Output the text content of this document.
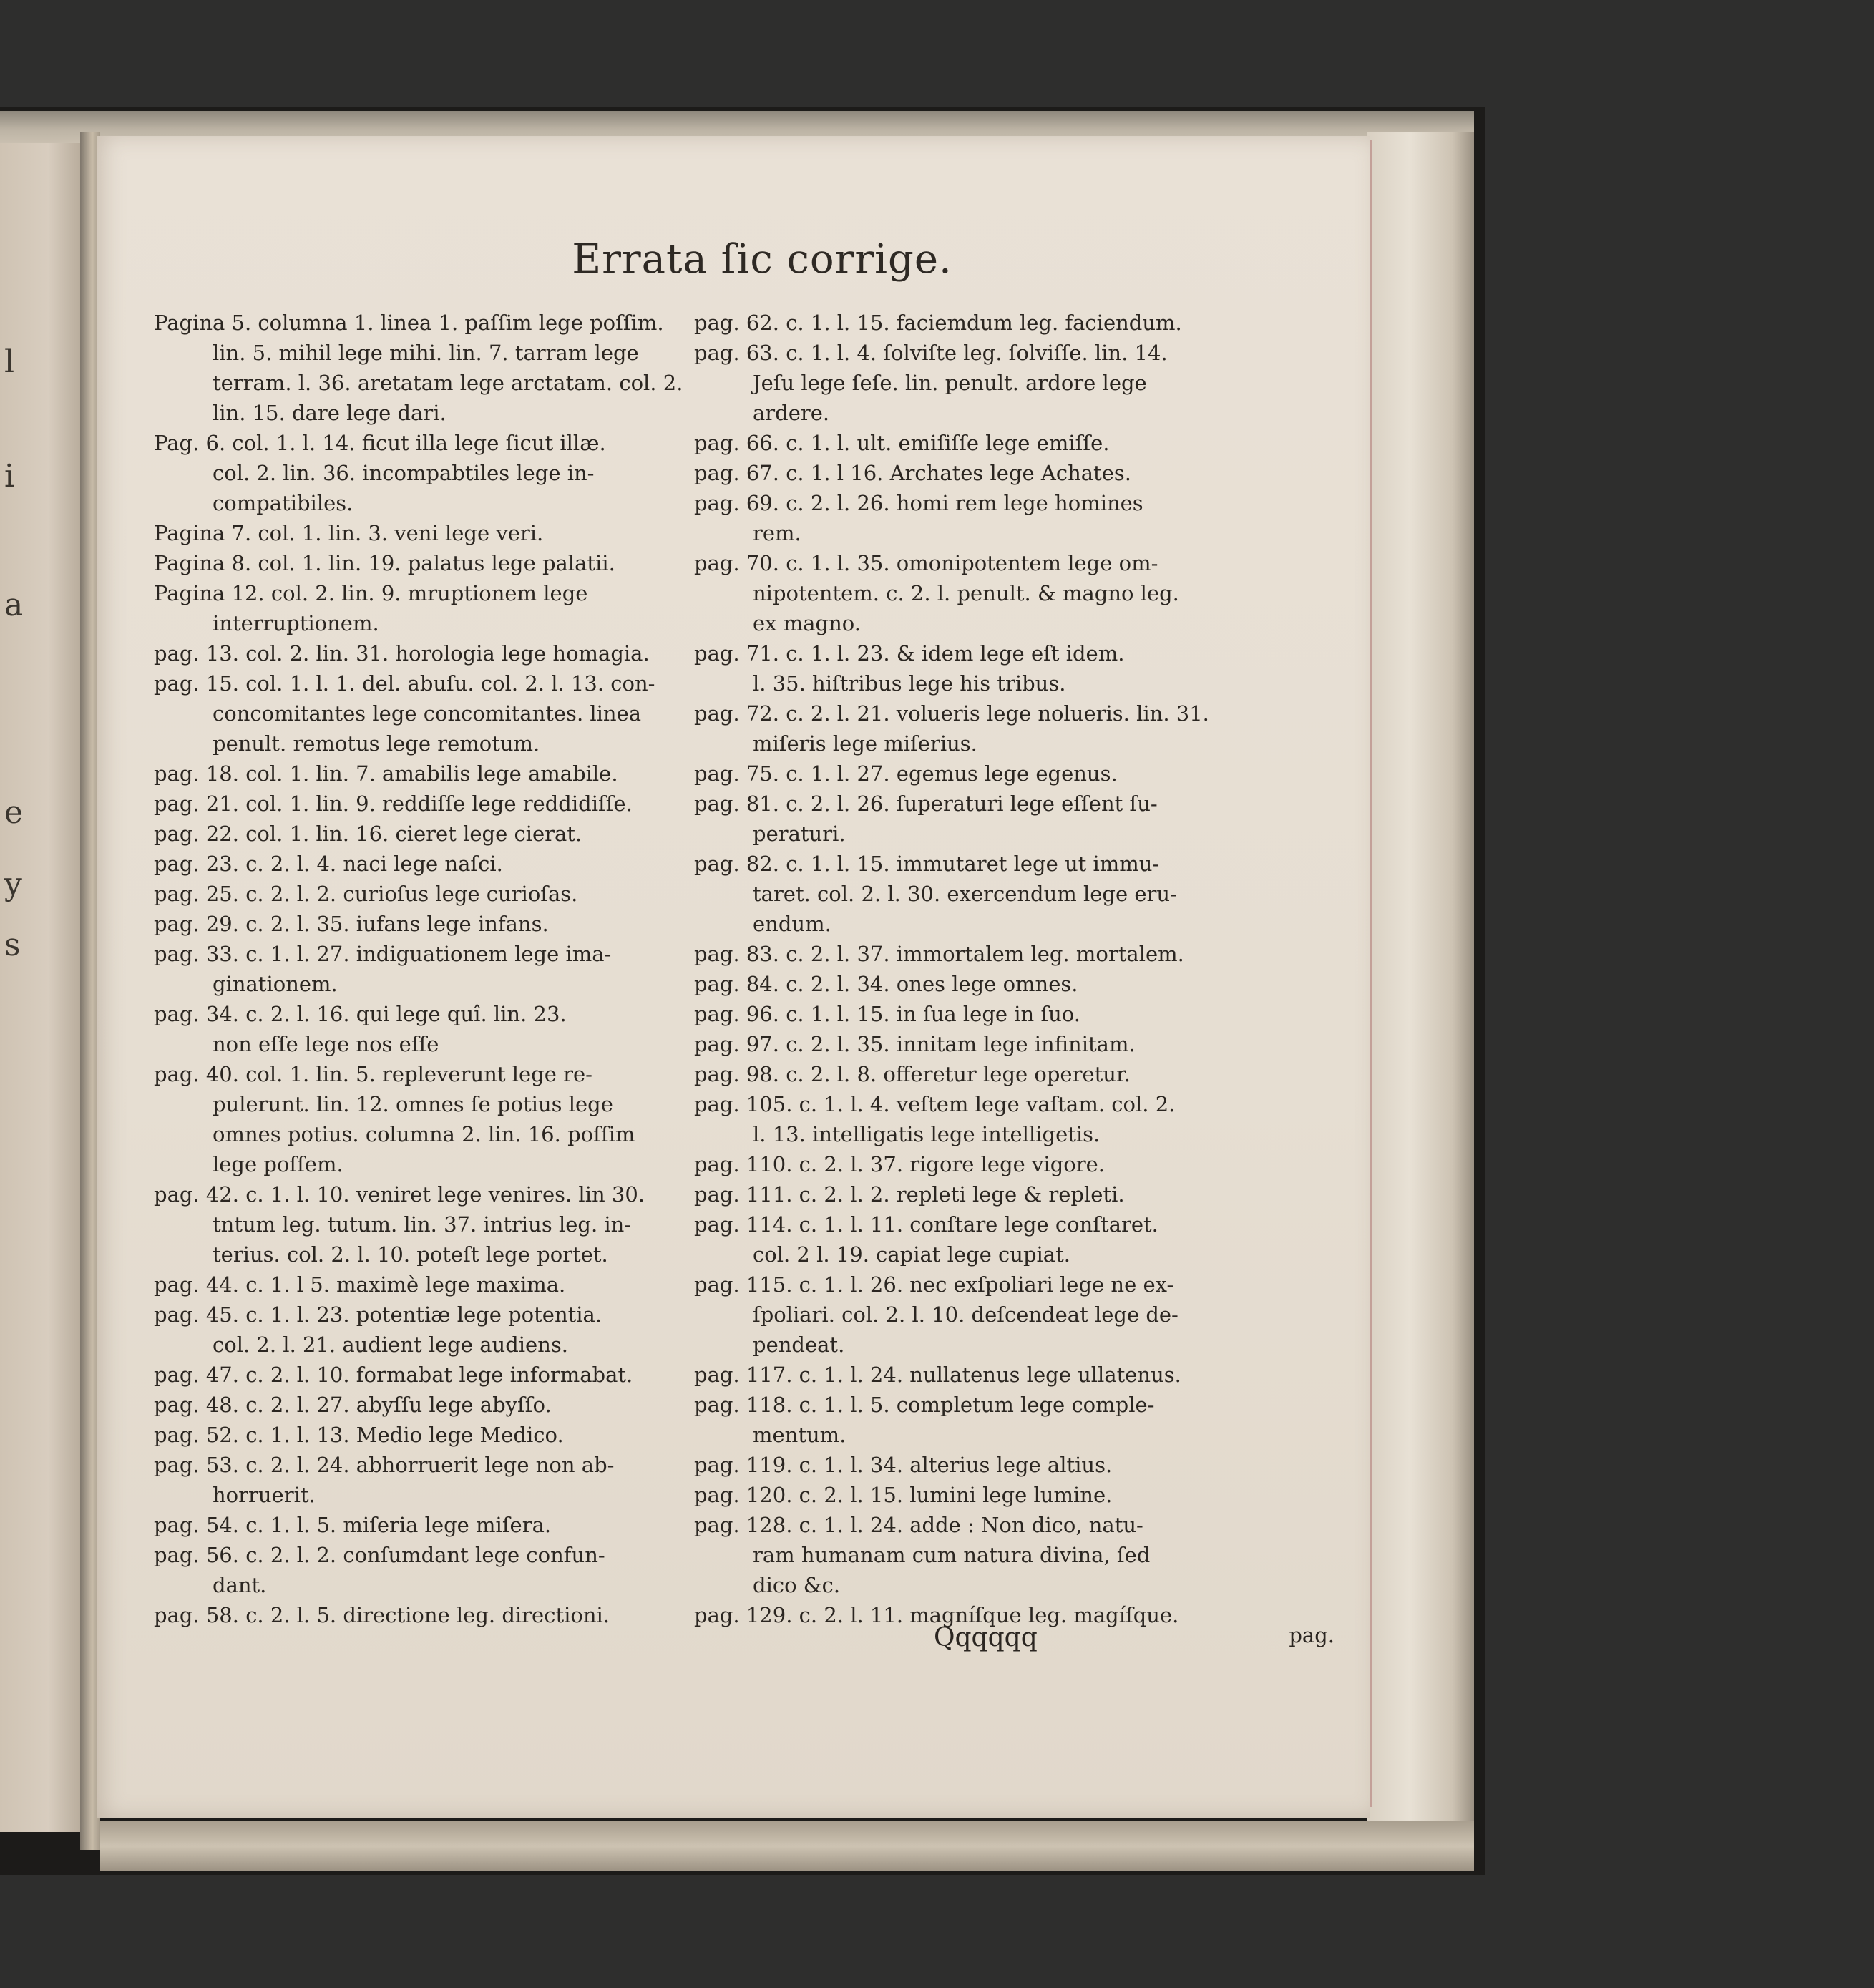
l
i
a
e
y
s
Errata ſic corrige.

Pagina 5. columna 1. linea 1. paſſim lege poſſim.

lin. 5. mihil lege mihi. lin. 7. tarram lege

terram. l. 36. aretatam lege arctatam. col. 2.

lin. 15. dare lege dari.

Pag. 6. col. 1. l. 14. ficut illa lege ſicut illæ.

col. 2. lin. 36. incompabtiles lege in-

compatibiles.

Pagina 7. col. 1. lin. 3. veni lege veri.

Pagina 8. col. 1. lin. 19. palatus lege palatii.

Pagina 12. col. 2. lin. 9. mruptionem lege

interruptionem.

pag. 13. col. 2. lin. 31. horologia lege homagia.

pag. 15. col. 1. l. 1. del. abuſu. col. 2. l. 13. con-

concomitantes lege concomitantes. linea

penult. remotus lege remotum.

pag. 18. col. 1. lin. 7. amabilis lege amabile.

pag. 21. col. 1. lin. 9. reddiſſe lege reddidiſſe.

pag. 22. col. 1. lin. 16. cieret lege cierat.

pag. 23. c. 2. l. 4. naci lege naſci.

pag. 25. c. 2. l. 2. curioſus lege curioſas.

pag. 29. c. 2. l. 35. iufans lege infans.

pag. 33. c. 1. l. 27. indiguationem lege ima-

ginationem.

pag. 34. c. 2. l. 16. qui lege quî. lin. 23.

non eſſe lege nos eſſe

pag. 40. col. 1. lin. 5. repleverunt lege re-

pulerunt. lin. 12. omnes ſe potius lege

omnes potius. columna 2. lin. 16. poſſim

lege poſſem.

pag. 42. c. 1. l. 10. veniret lege venires. lin 30.

tntum leg. tutum. lin. 37. intrius leg. in-

terius. col. 2. l. 10. poteſt lege portet.

pag. 44. c. 1. l 5. maximè lege maxima.

pag. 45. c. 1. l. 23. potentiæ lege potentia.

col. 2. l. 21. audient lege audiens.

pag. 47. c. 2. l. 10. formabat lege informabat.

pag. 48. c. 2. l. 27. abyſſu lege abyſſo.

pag. 52. c. 1. l. 13. Medio lege Medico.

pag. 53. c. 2. l. 24. abhorruerit lege non ab-

horruerit.

pag. 54. c. 1. l. 5. miſeria lege miſera.

pag. 56. c. 2. l. 2. conſumdant lege confun-

dant.

pag. 58. c. 2. l. 5. directione leg. directioni.

pag. 62. c. 1. l. 15. faciemdum leg. faciendum.

pag. 63. c. 1. l. 4. ſolviſte leg. ſolviſſe. lin. 14.

Jeſu lege ſeſe. lin. penult. ardore lege

ardere.

pag. 66. c. 1. l. ult. emiſiſſe lege emiſſe.

pag. 67. c. 1. l 16. Archates lege Achates.

pag. 69. c. 2. l. 26. homi rem lege homines

rem.

pag. 70. c. 1. l. 35. omonipotentem lege om-

nipotentem. c. 2. l. penult. & magno leg.

ex magno.

pag. 71. c. 1. l. 23. & idem lege eſt idem.

l. 35. hiſtribus lege his tribus.

pag. 72. c. 2. l. 21. volueris lege nolueris. lin. 31.

miſeris lege miſerius.

pag. 75. c. 1. l. 27. egemus lege egenus.

pag. 81. c. 2. l. 26. ſuperaturi lege eſſent ſu-

peraturi.

pag. 82. c. 1. l. 15. immutaret lege ut immu-

taret. col. 2. l. 30. exercendum lege eru-

endum.

pag. 83. c. 2. l. 37. immortalem leg. mortalem.

pag. 84. c. 2. l. 34. ones lege omnes.

pag. 96. c. 1. l. 15. in ſua lege in ſuo.

pag. 97. c. 2. l. 35. innitam lege infinitam.

pag. 98. c. 2. l. 8. offeretur lege operetur.

pag. 105. c. 1. l. 4. veſtem lege vaſtam. col. 2.

l. 13. intelligatis lege intelligetis.

pag. 110. c. 2. l. 37. rigore lege vigore.

pag. 111. c. 2. l. 2. repleti lege & repleti.

pag. 114. c. 1. l. 11. conſtare lege conſtaret.

col. 2 l. 19. capiat lege cupiat.

pag. 115. c. 1. l. 26. nec exſpoliari lege ne ex-

ſpoliari. col. 2. l. 10. deſcendeat lege de-

pendeat.

pag. 117. c. 1. l. 24. nullatenus lege ullatenus.

pag. 118. c. 1. l. 5. completum lege comple-

mentum.

pag. 119. c. 1. l. 34. alterius lege altius.

pag. 120. c. 2. l. 15. lumini lege lumine.

pag. 128. c. 1. l. 24. adde : Non dico, natu-

ram humanam cum natura divina, ſed

dico &c.

pag. 129. c. 2. l. 11. magníſque leg. magíſque.

Qqqqqq	pag.
